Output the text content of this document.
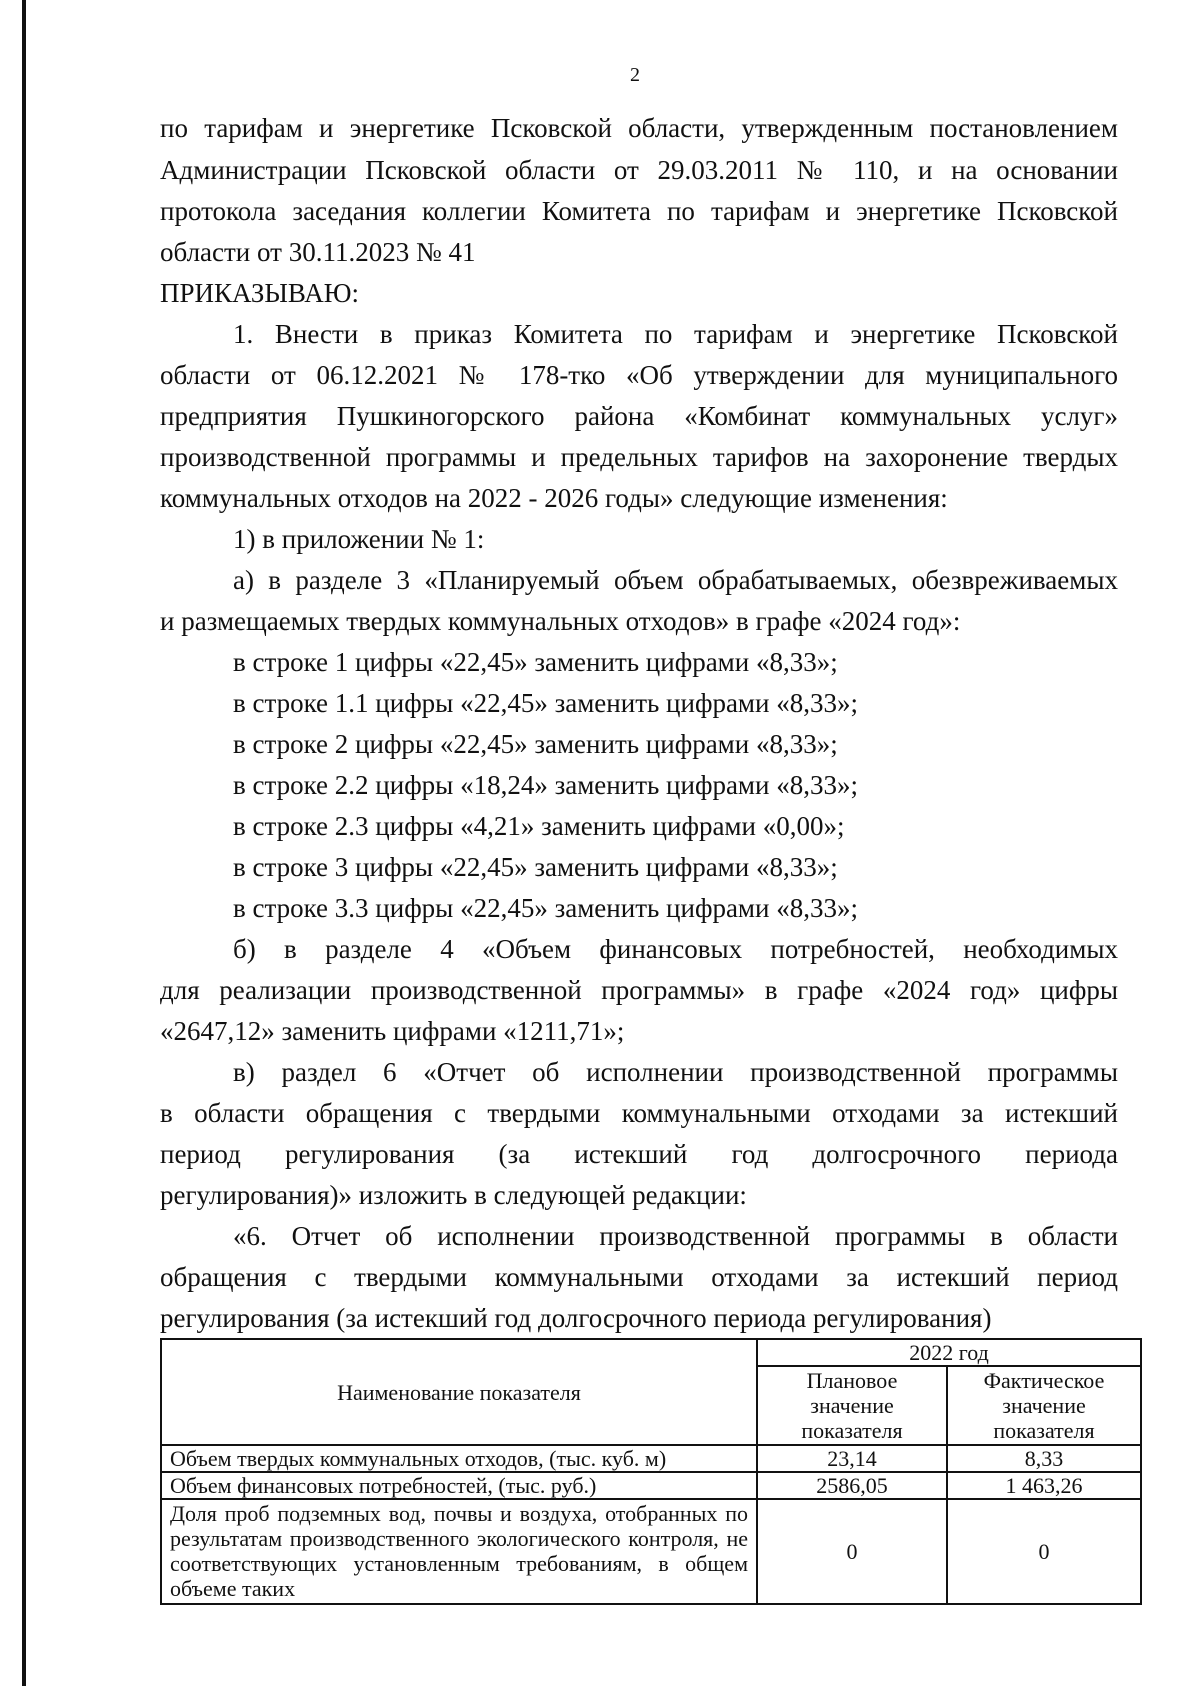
2
по тарифам и энергетике Псковской области, утвержденным постановлением
Администрации Псковской области от 29.03.2011 № 110, и на основании
протокола заседания коллегии Комитета по тарифам и энергетике Псковской
области от 30.11.2023 № 41
ПРИКАЗЫВАЮ:
1. Внести в приказ Комитета по тарифам и энергетике Псковской
области от 06.12.2021 № 178-тко «Об утверждении для муниципального
предприятия Пушкиногорского района «Комбинат коммунальных услуг»
производственной программы и предельных тарифов на захоронение твердых
коммунальных отходов на 2022 - 2026 годы» следующие изменения:
1) в приложении № 1:
а) в разделе 3 «Планируемый объем обрабатываемых, обезвреживаемых
и размещаемых твердых коммунальных отходов» в графе «2024 год»:
в строке 1 цифры «22,45» заменить цифрами «8,33»;
в строке 1.1 цифры «22,45» заменить цифрами «8,33»;
в строке 2 цифры «22,45» заменить цифрами «8,33»;
в строке 2.2 цифры «18,24» заменить цифрами «8,33»;
в строке 2.3 цифры «4,21» заменить цифрами «0,00»;
в строке 3 цифры «22,45» заменить цифрами «8,33»;
в строке 3.3 цифры «22,45» заменить цифрами «8,33»;
б) в разделе 4 «Объем финансовых потребностей, необходимых
для реализации производственной программы» в графе «2024 год» цифры
«2647,12» заменить цифрами «1211,71»;
в) раздел 6 «Отчет об исполнении производственной программы
в области обращения с твердыми коммунальными отходами за истекший
период регулирования (за истекший год долгосрочного периода
регулирования)» изложить в следующей редакции:
«6. Отчет об исполнении производственной программы в области
обращения с твердыми коммунальными отходами за истекший период
регулирования (за истекший год долгосрочного периода регулирования)
Наименование показателя	2022 год	
	Плановое значение показателя	Фактическое значение показателя
Объем твердых коммунальных отходов, (тыс. куб. м)	23,14	8,33
Объем финансовых потребностей, (тыс. руб.)	2586,05	1 463,26
Доля проб подземных вод, почвы и воздуха, отобранных по результатам производственного экологического контроля, не соответствующих установленным требованиям, в общем объеме таких	0	0
